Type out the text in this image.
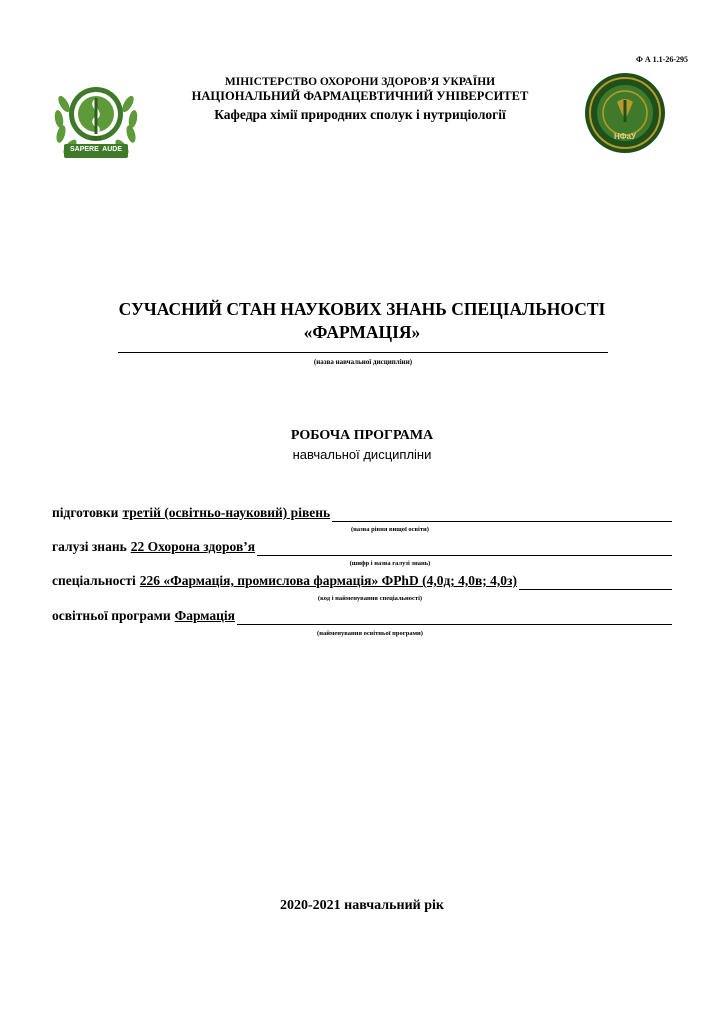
Ф А 1.1-26-295
SAPERE AUDE
1805
МІНІСТЕРСТВО ОХОРОНИ ЗДОРОВ’Я УКРАЇНИ
НАЦІОНАЛЬНИЙ ФАРМАЦЕВТИЧНИЙ УНІВЕРСИТЕТ
Кафедра хімії природних сполук і нутриціології
НФаУ
СУЧАСНИЙ СТАН НАУКОВИХ ЗНАНЬ СПЕЦІАЛЬНОСТІ
«ФАРМАЦІЯ»
(назва навчальної дисципліни)
РОБОЧА ПРОГРАМА
навчальної дисципліни
підготовки третій (освітньо-науковий) рівень
(назва рівня вищої освіти)
галузі знань 22 Охорона здоров’я
(шифр і назва галузі знань)
спеціальності 226 «Фармація, промислова фармація» ФPhD (4,0д; 4,0в; 4,0з)
(код і найменування спеціальності)
освітньої програми Фармація
(найменування освітньої програми)
2020-2021 навчальний рік
